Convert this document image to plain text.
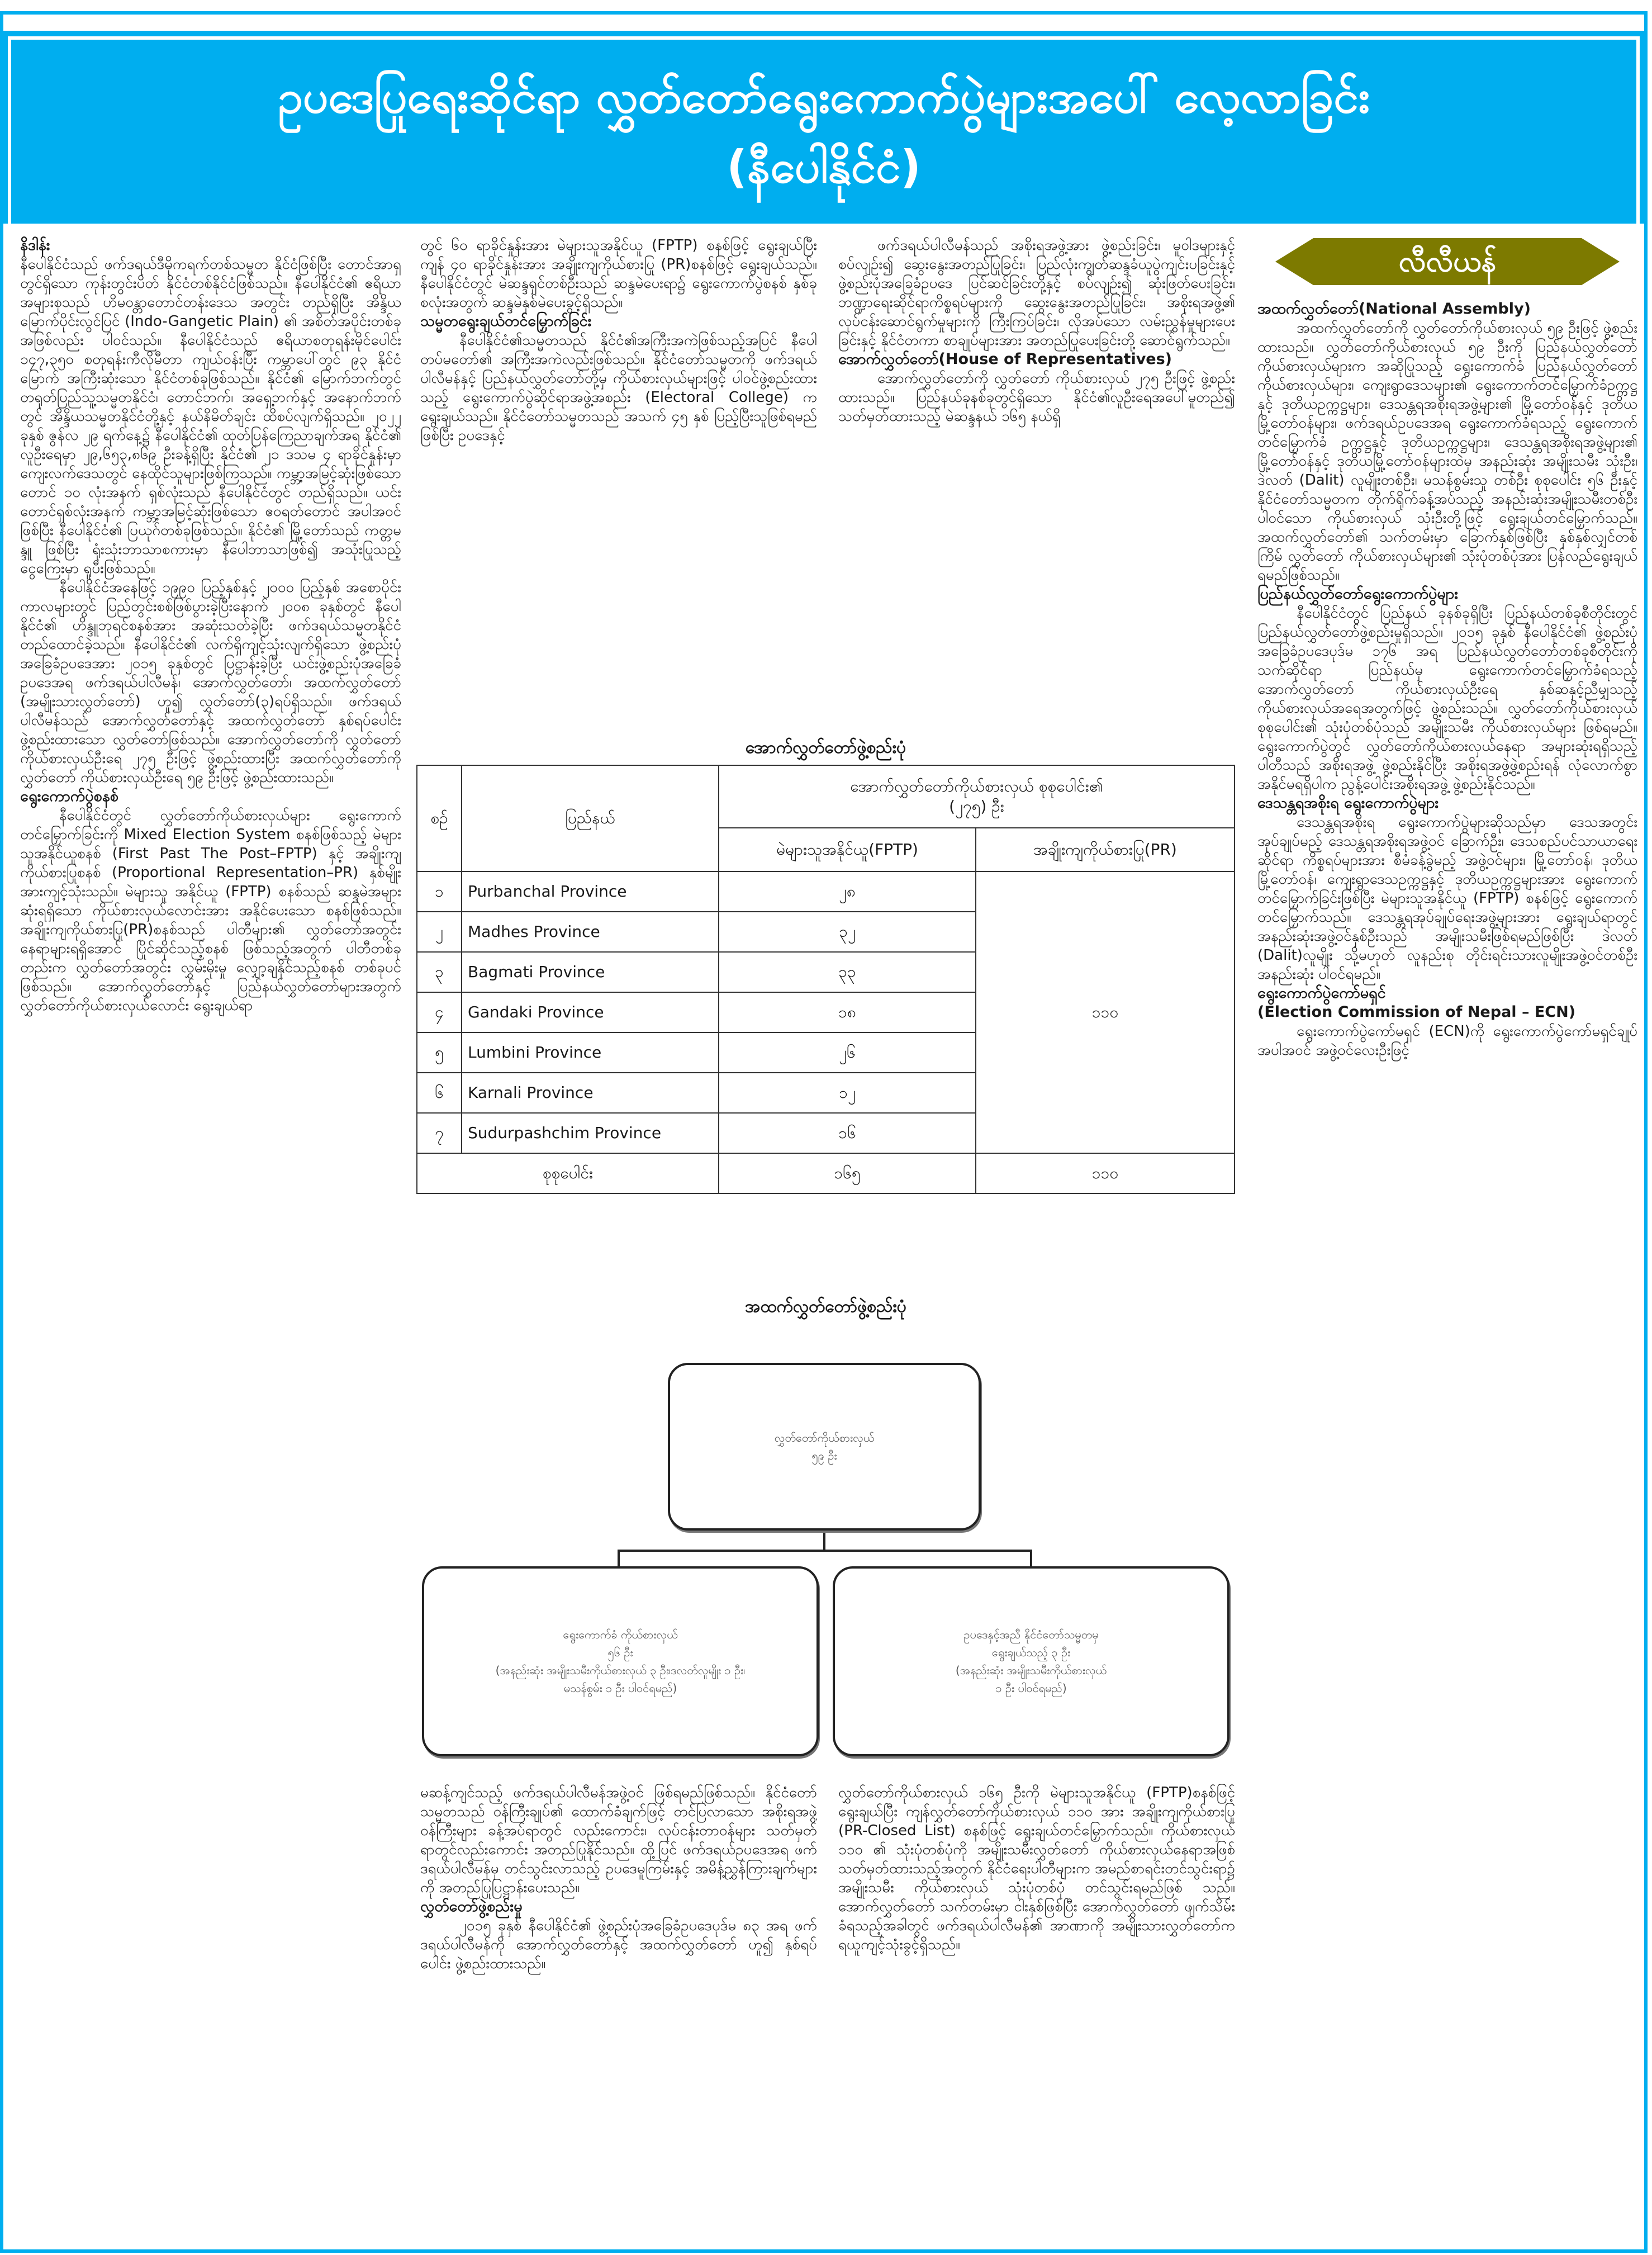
ဥပဒေပြုရေးဆိုင်ရာ လွှတ်တော်ရွေးကောက်ပွဲများအပေါ် လေ့လာခြင်း
(နီပေါနိုင်ငံ)

နိဒါန်း

နီပေါနိုင်ငံသည် ဖက်ဒရယ်ဒီမိုကရက်တစ်သမ္မတ နိုင်ငံဖြစ်ပြီး တောင်အာရှတွင်ရှိသော ကုန်းတွင်းပိတ် နိုင်ငံတစ်နိုင်ငံဖြစ်သည်။ နီပေါနိုင်ငံ၏ ဧရိယာအများစုသည် ဟိမဝန္တာတောင်တန်းဒေသ အတွင်း တည်ရှိပြီး အိန္ဒိယမြောက်ပိုင်းလွင်ပြင် (Indo-Gangetic Plain) ၏ အစိတ်အပိုင်းတစ်ခု အဖြစ်လည်း ပါဝင်သည်။ နီပေါနိုင်ငံသည် ဧရိယာစတုရန်းမိုင်ပေါင်း ၁၄၇,၃၅၀ စတုရန်းကီလိုမီတာ ကျယ်ဝန်းပြီး ကမ္ဘာပေါ်တွင် ၉၃ နိုင်ငံမြောက် အကြီးဆုံးသော နိုင်ငံတစ်ခုဖြစ်သည်။ နိုင်ငံ၏ မြောက်ဘက်တွင် တရုတ်ပြည်သူ့သမ္မတနိုင်ငံ၊ တောင်ဘက်၊ အရှေ့ဘက်နှင့် အနောက်ဘက်တွင် အိန္ဒိယသမ္မတနိုင်ငံတို့နှင့် နယ်နိမိတ်ချင်း ထိစပ်လျက်ရှိသည်။ ၂၀၂၂ ခုနှစ် ဇွန်လ ၂၉ ရက်နေ့၌ နီပေါနိုင်ငံ၏ ထုတ်ပြန်ကြေညာချက်အရ နိုင်ငံ၏ လူဦးရေမှာ ၂၉,၆၅၃,၈၆၉ ဦးခန့်ရှိပြီး နိုင်ငံ၏ ၂၁ ဒသမ ၄ ရာခိုင်နှုန်းမှာ ကျေးလက်ဒေသတွင် နေထိုင်သူများဖြစ်ကြသည်။ ကမ္ဘာ့အမြင့်ဆုံးဖြစ်သော တောင် ၁၀ လုံးအနက် ရှစ်လုံးသည် နီပေါနိုင်ငံတွင် တည်ရှိသည်။ ယင်းတောင်ရှစ်လုံးအနက် ကမ္ဘာ့အမြင့်ဆုံးဖြစ်သော ဧဝရတ်တောင် အပါအဝင်ဖြစ်ပြီး နီပေါနိုင်ငံ၏ ပြယုဂ်တစ်ခုဖြစ်သည်။ နိုင်ငံ၏ မြို့တော်သည် ကတ္တမန္ဒူ ဖြစ်ပြီး ရုံးသုံးဘာသာစကားမှာ နီပေါဘာသာဖြစ်၍ အသုံးပြုသည့် ငွေကြေးမှာ ရူပီးဖြစ်သည်။

နီပေါနိုင်ငံအနေဖြင့် ၁၉၉၀ ပြည့်နှစ်နှင့် ၂၀၀၀ ပြည့်နှစ် အစောပိုင်းကာလများတွင် ပြည်တွင်းစစ်ဖြစ်ပွားခဲ့ပြီးနောက် ၂၀၀၈ ခုနှစ်တွင် နီပေါနိုင်ငံ၏ ဟိန္ဒူဘုရင်စနစ်အား အဆုံးသတ်ခဲ့ပြီး ဖက်ဒရယ်သမ္မတနိုင်ငံ တည်ထောင်ခဲ့သည်။ နီပေါနိုင်ငံ၏ လက်ရှိကျင့်သုံးလျက်ရှိသော ဖွဲ့စည်းပုံအခြေခံဥပဒေအား ၂၀၁၅ ခုနှစ်တွင် ပြဋ္ဌာန်းခဲ့ပြီး ယင်းဖွဲ့စည်းပုံအခြေခံဥပဒေအရ ဖက်ဒရယ်ပါလီမန်၊ အောက်လွှတ်တော်၊ အထက်လွှတ်တော် (အမျိုးသားလွှတ်တော်) ဟူ၍ လွှတ်တော်(၃)ရပ်ရှိသည်။ ဖက်ဒရယ်ပါလီမန်သည် အောက်လွှတ်တော်နှင့် အထက်လွှတ်တော် နှစ်ရပ်ပေါင်း ဖွဲ့စည်းထားသော လွှတ်တော်ဖြစ်သည်။ အောက်လွှတ်တော်ကို လွှတ်တော် ကိုယ်စားလှယ်ဦးရေ ၂၇၅ ဦးဖြင့် ဖွဲ့စည်းထားပြီး အထက်လွှတ်တော်ကို လွှတ်တော် ကိုယ်စားလှယ်ဦးရေ ၅၉ ဦးဖြင့် ဖွဲ့စည်းထားသည်။

ရွေးကောက်ပွဲစနစ်

နီပေါနိုင်ငံတွင် လွှတ်တော်ကိုယ်စားလှယ်များ ရွေးကောက်တင်မြှောက်ခြင်းကို Mixed Election System စနစ်ဖြစ်သည့် မဲများသူအနိုင်ယူစနစ် (First Past The Post–FPTP) နှင့် အချိုးကျကိုယ်စားပြုစနစ် (Proportional Representation–PR) နှစ်မျိုးအားကျင့်သုံးသည်။ မဲများသူ အနိုင်ယူ (FPTP) စနစ်သည် ဆန္ဒမဲအများဆုံးရရှိသော ကိုယ်စားလှယ်လောင်းအား အနိုင်ပေးသော စနစ်ဖြစ်သည်။ အချိုးကျကိုယ်စားပြု(PR)စနစ်သည် ပါတီများ၏ လွှတ်တော်အတွင်း နေရာများရရှိအောင် ပြိုင်ဆိုင်သည့်စနစ် ဖြစ်သည့်အတွက် ပါတီတစ်ခုတည်းက လွှတ်တော်အတွင်း လွှမ်းမိုးမှု လျှော့ချနိုင်သည့်စနစ် တစ်ခုပင်ဖြစ်သည်။ အောက်လွှတ်တော်နှင့် ပြည်နယ်လွှတ်တော်များအတွက် လွှတ်တော်ကိုယ်စားလှယ်လောင်း ရွေးချယ်ရာ

တွင် ၆၀ ရာခိုင်နှုန်းအား မဲများသူအနိုင်ယူ (FPTP) စနစ်ဖြင့် ရွေးချယ်ပြီး ကျန် ၄၀ ရာခိုင်နှုန်းအား အချိုးကျကိုယ်စားပြု (PR)စနစ်ဖြင့် ရွေးချယ်သည်။ နီပေါနိုင်ငံတွင် မဲဆန္ဒရှင်တစ်ဦးသည် ဆန္ဒမဲပေးရာ၌ ရွေးကောက်ပွဲစနစ် နှစ်ခုစလုံးအတွက် ဆန္ဒမဲနှစ်မဲပေးခွင့်ရှိသည်။

သမ္မတရွေးချယ်တင်မြှောက်ခြင်း

နီပေါနိုင်ငံ၏သမ္မတသည် နိုင်ငံ၏အကြီးအကဲဖြစ်သည့်အပြင် နီပေါတပ်မတော်၏ အကြီးအကဲလည်းဖြစ်သည်။ နိုင်ငံတော်သမ္မတကို ဖက်ဒရယ်ပါလီမန်နှင့် ပြည်နယ်လွှတ်တော်တို့မှ ကိုယ်စားလှယ်များဖြင့် ပါဝင်ဖွဲ့စည်းထားသည့် ရွေးကောက်ပွဲဆိုင်ရာအဖွဲ့အစည်း (Electoral College) က ရွေးချယ်သည်။ နိုင်ငံတော်သမ္မတသည် အသက် ၄၅ နှစ် ပြည့်ပြီးသူဖြစ်ရမည်ဖြစ်ပြီး ဥပဒေနှင့်

ဖက်ဒရယ်ပါလီမန်သည် အစိုးရအဖွဲ့အား ဖွဲ့စည်းခြင်း၊ မူဝါဒများနှင့်စပ်လျဉ်း၍ ဆွေးနွေးအတည်ပြုခြင်း၊ ပြည်လုံးကျွတ်ဆန္ဒခံယူပွဲကျင်းပခြင်းနှင့် ဖွဲ့စည်းပုံအခြေခံဥပဒေ ပြင်ဆင်ခြင်းတို့နှင့် စပ်လျဉ်း၍ ဆုံးဖြတ်ပေးခြင်း၊ ဘဏ္ဍာရေးဆိုင်ရာကိစ္စရပ်များကို ဆွေးနွေးအတည်ပြုခြင်း၊ အစိုးရအဖွဲ့၏ လုပ်ငန်းဆောင်ရွက်မှုများကို ကြီးကြပ်ခြင်း၊ လိုအပ်သော လမ်းညွှန်မှုများပေးခြင်းနှင့် နိုင်ငံတကာ စာချုပ်များအား အတည်ပြုပေးခြင်းတို့ ဆောင်ရွက်သည်။

အောက်လွှတ်တော်(House of Representatives)

အောက်လွှတ်တော်ကို လွှတ်တော် ကိုယ်စားလှယ် ၂၇၅ ဦးဖြင့် ဖွဲ့စည်းထားသည်။ ပြည်နယ်ခုနစ်ခုတွင်ရှိသော နိုင်ငံ၏လူဦးရေအပေါ်မူတည်၍ သတ်မှတ်ထားသည့် မဲဆန္ဒနယ် ၁၆၅ နယ်ရှိ

လီလီယန်

အထက်လွှတ်တော်(National Assembly)

အထက်လွှတ်တော်ကို လွှတ်တော်ကိုယ်စားလှယ် ၅၉ ဦးဖြင့် ဖွဲ့စည်းထားသည်။ လွှတ်တော်ကိုယ်စားလှယ် ၅၉ ဦးကို ပြည်နယ်လွှတ်တော်ကိုယ်စားလှယ်များက အဆိုပြုသည့် ရွေးကောက်ခံ ပြည်နယ်လွှတ်တော်ကိုယ်စားလှယ်များ၊ ကျေးရွာဒေသများ၏ ရွေးကောက်တင်မြှောက်ခံဥက္ကဋ္ဌနှင့် ဒုတိယဥက္ကဋ္ဌများ၊ ဒေသန္တရအစိုးရအဖွဲ့များ၏ မြို့တော်ဝန်နှင့် ဒုတိယမြို့တော်ဝန်များ၊ ဖက်ဒရယ်ဥပဒေအရ ရွေးကောက်ခံရသည့် ရွေးကောက်တင်မြှောက်ခံ ဥက္ကဋ္ဌနှင့် ဒုတိယဥက္ကဋ္ဌများ၊ ဒေသန္တရအစိုးရအဖွဲ့များ၏ မြို့တော်ဝန်နှင့် ဒုတိယမြို့တော်ဝန်များထဲမှ အနည်းဆုံး အမျိုးသမီး သုံးဦး၊ ဒဲလတ် (Dalit) လူမျိုးတစ်ဦး၊ မသန်စွမ်းသူ တစ်ဦး စုစုပေါင်း ၅၆ ဦးနှင့် နိုင်ငံတော်သမ္မတက တိုက်ရိုက်ခန့်အပ်သည့် အနည်းဆုံးအမျိုးသမီးတစ်ဦးပါဝင်သော ကိုယ်စားလှယ် သုံးဦးတို့ဖြင့် ရွေးချယ်တင်မြှောက်သည်။ အထက်လွှတ်တော်၏ သက်တမ်းမှာ ခြောက်နှစ်ဖြစ်ပြီး နှစ်နှစ်လျှင်တစ်ကြိမ် လွှတ်တော် ကိုယ်စားလှယ်များ၏ သုံးပုံတစ်ပုံအား ပြန်လည်ရွေးချယ်ရမည်ဖြစ်သည်။

ပြည်နယ်လွှတ်တော်ရွေးကောက်ပွဲများ

နီပေါနိုင်ငံတွင် ပြည်နယ် ခုနစ်ခုရှိပြီး ပြည်နယ်တစ်ခုစီတိုင်းတွင် ပြည်နယ်လွှတ်တော်ဖွဲ့စည်းမှုရှိသည်။ ၂၀၁၅ ခုနှစ် နီပေါနိုင်ငံ၏ ဖွဲ့စည်းပုံအခြေခံဥပဒေပုဒ်မ ၁၇၆ အရ ပြည်နယ်လွှတ်တော်တစ်ခုစီတိုင်းကို သက်ဆိုင်ရာ ပြည်နယ်မှ ရွေးကောက်တင်မြှောက်ခံရသည့် အောက်လွှတ်တော် ကိုယ်စားလှယ်ဦးရေ နှစ်ဆနှင့်ညီမျှသည့် ကိုယ်စားလှယ်အရေအတွက်ဖြင့် ဖွဲ့စည်းသည်။ လွှတ်တော်ကိုယ်စားလှယ် စုစုပေါင်း၏ သုံးပုံတစ်ပုံသည် အမျိုးသမီး ကိုယ်စားလှယ်များ ဖြစ်ရမည်။ ရွေးကောက်ပွဲတွင် လွှတ်တော်ကိုယ်စားလှယ်နေရာ အများဆုံးရရှိသည့်ပါတီသည် အစိုးရအဖွဲ့ ဖွဲ့စည်းနိုင်ပြီး အစိုးရအဖွဲ့ဖွဲ့စည်းရန် လုံလောက်စွာ အနိုင်မရရှိပါက ညွန့်ပေါင်းအစိုးရအဖွဲ့ ဖွဲ့စည်းနိုင်သည်။

ဒေသန္တရအစိုးရ ရွေးကောက်ပွဲများ

ဒေသန္တရအစိုးရ ရွေးကောက်ပွဲများဆိုသည်မှာ ဒေသအတွင်းအုပ်ချုပ်မည့် ဒေသန္တရအစိုးရအဖွဲ့ဝင် ခြောက်ဦး၊ ဒေသစည်ပင်သာယာရေးဆိုင်ရာ ကိစ္စရပ်များအား စီမံခန့်ခွဲမည့် အဖွဲ့ဝင်များ၊ မြို့တော်ဝန်၊ ဒုတိယမြို့တော်ဝန်၊ ကျေးရွာဒေသဥက္ကဋ္ဌနှင့် ဒုတိယဥက္ကဋ္ဌများအား ရွေးကောက်တင်မြှောက်ခြင်းဖြစ်ပြီး မဲများသူအနိုင်ယူ (FPTP) စနစ်ဖြင့် ရွေးကောက်တင်မြှောက်သည်။ ဒေသန္တရအုပ်ချုပ်ရေးအဖွဲ့များအား ရွေးချယ်ရာတွင် အနည်းဆုံးအဖွဲ့ဝင်နှစ်ဦးသည် အမျိုးသမီးဖြစ်ရမည်ဖြစ်ပြီး ဒဲလတ် (Dalit)လူမျိုး သို့မဟုတ် လူနည်းစု တိုင်းရင်းသားလူမျိုးအဖွဲ့ဝင်တစ်ဦး အနည်းဆုံး ပါဝင်ရမည်။

ရွေးကောက်ပွဲကော်မရှင်

(Election Commission of Nepal – ECN)

ရွေးကောက်ပွဲကော်မရှင် (ECN)ကို ရွေးကောက်ပွဲကော်မရှင်ချုပ်အပါအဝင် အဖွဲ့ဝင်လေးဦးဖြင့်

အောက်လွှတ်တော်ဖွဲ့စည်းပုံ
စဉ်	ပြည်နယ်	အောက်လွှတ်တော်ကိုယ်စားလှယ် စုစုပေါင်း၏
(၂၇၅) ဦး	

		မဲများသူအနိုင်ယူ(FPTP)	အချိုးကျကိုယ်စားပြု(PR)
၁	Purbanchal Province	၂၈	၁၁၀
၂	Madhes Province	၃၂	
၃	Bagmati Province	၃၃	
၄	Gandaki Province	၁၈	
၅	Lumbini Province	၂၆	
၆	Karnali Province	၁၂	
၇	Sudurpashchim Province	၁၆	
စုစုပေါင်း		၁၆၅	၁၁၀
အထက်လွှတ်တော်ဖွဲ့စည်းပုံ
လွှတ်တော်ကိုယ်စားလှယ်
၅၉ ဦး
ရွေးကောက်ခံ ကိုယ်စားလှယ်
၅၆ ဦး
(အနည်းဆုံး အမျိုးသမီးကိုယ်စားလှယ် ၃ ဦး၊ဒလတ်လူမျိုး ၁ ဦး၊
မသန်စွမ်း ၁ ဦး ပါဝင်ရမည်)
ဥပဒေနှင့်အညီ နိုင်ငံတော်သမ္မတမှ
ရွေးချယ်သည့် ၃ ဦး
(အနည်းဆုံး အမျိုးသမီးကိုယ်စားလှယ်
၁ ဦး ပါဝင်ရမည်)

မဆန့်ကျင်သည့် ဖက်ဒရယ်ပါလီမန်အဖွဲ့ဝင် ဖြစ်ရမည်ဖြစ်သည်။ နိုင်ငံတော်သမ္မတသည် ဝန်ကြီးချုပ်၏ ထောက်ခံချက်ဖြင့် တင်ပြလာသော အစိုးရအဖွဲ့ဝန်ကြီးများ ခန့်အပ်ရာတွင် လည်းကောင်း၊ လုပ်ငန်းတာဝန်များ သတ်မှတ်ရာတွင်လည်းကောင်း အတည်ပြုနိုင်သည်။ ထို့ပြင် ဖက်ဒရယ်ဥပဒေအရ ဖက်ဒရယ်ပါလီမန်မှ တင်သွင်းလာသည့် ဥပဒေမူကြမ်းနှင့် အမိန့်ညွှန်ကြားချက်များကို အတည်ပြုပြဋ္ဌာန်းပေးသည်။

လွှတ်တော်ဖွဲ့စည်းမှု

၂၀၁၅ ခုနှစ် နီပေါနိုင်ငံ၏ ဖွဲ့စည်းပုံအခြေခံဥပဒေပုဒ်မ ၈၃ အရ ဖက်ဒရယ်ပါလီမန်ကို အောက်လွှတ်တော်နှင့် အထက်လွှတ်တော် ဟူ၍ နှစ်ရပ်ပေါင်း ဖွဲ့စည်းထားသည်။

လွှတ်တော်ကိုယ်စားလှယ် ၁၆၅ ဦးကို မဲများသူအနိုင်ယူ (FPTP)စနစ်ဖြင့် ရွေးချယ်ပြီး ကျန်လွှတ်တော်ကိုယ်စားလှယ် ၁၁၀ အား အချိုးကျကိုယ်စားပြု (PR-Closed List) စနစ်ဖြင့် ရွေးချယ်တင်မြှောက်သည်။ ကိုယ်စားလှယ် ၁၁၀ ၏ သုံးပုံတစ်ပုံကို အမျိုးသမီးလွှတ်တော် ကိုယ်စားလှယ်နေရာအဖြစ် သတ်မှတ်ထားသည့်အတွက် နိုင်ငံရေးပါတီများက အမည်စာရင်းတင်သွင်းရာ၌ အမျိုးသမီး ကိုယ်စားလှယ် သုံးပုံတစ်ပုံ တင်သွင်းရမည်ဖြစ် သည်။ အောက်လွှတ်တော် သက်တမ်းမှာ ငါးနှစ်ဖြစ်ပြီး အောက်လွှတ်တော် ဖျက်သိမ်းခံရသည့်အခါတွင် ဖက်ဒရယ်ပါလီမန်၏ အာဏာကို အမျိုးသားလွှတ်တော်က ရယူကျင့်သုံးခွင့်ရှိသည်။
